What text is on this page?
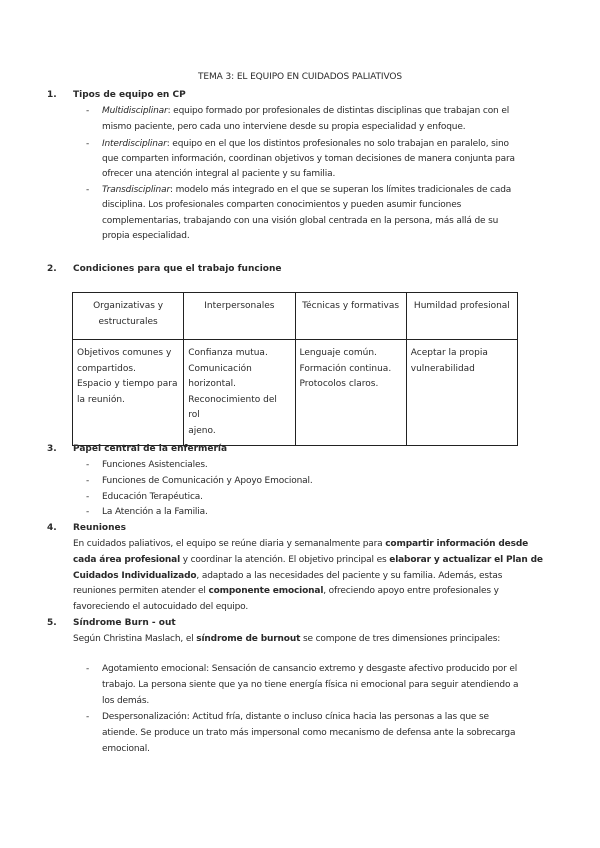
TEMA 3: EL EQUIPO EN CUIDADOS PALIATIVOS
1. Tipos de equipo en CP
- Multidisciplinar: equipo formado por profesionales de distintas disciplinas que trabajan con el
mismo paciente, pero cada uno interviene desde su propia especialidad y enfoque.
- Interdisciplinar: equipo en el que los distintos profesionales no solo trabajan en paralelo, sino
que comparten información, coordinan objetivos y toman decisiones de manera conjunta para
ofrecer una atención integral al paciente y su familia.
- Transdisciplinar: modelo más integrado en el que se superan los límites tradicionales de cada
disciplina. Los profesionales comparten conocimientos y pueden asumir funciones
complementarias, trabajando con una visión global centrada en la persona, más allá de su
propia especialidad.
2. Condiciones para que el trabajo funcione
Organizativas y
estructurales	Interpersonales	Técnicas y formativas	Humildad profesional

Objetivos comunes y
compartidos.
Espacio y tiempo para
la reunión.	Confianza mutua.
Comunicación
horizontal.
Reconocimiento del rol
ajeno.	Lenguaje común.
Formación continua.
Protocolos claros.	Aceptar la propia
vulnerabilidad
3. Papel central de la enfermería
- Funciones Asistenciales.
- Funciones de Comunicación y Apoyo Emocional.
- Educación Terapéutica.
- La Atención a la Familia.
4. Reuniones
En cuidados paliativos, el equipo se reúne diaria y semanalmente para compartir información desde
cada área profesional y coordinar la atención. El objetivo principal es elaborar y actualizar el Plan de
Cuidados Individualizado, adaptado a las necesidades del paciente y su familia. Además, estas
reuniones permiten atender el componente emocional, ofreciendo apoyo entre profesionales y
favoreciendo el autocuidado del equipo.
5. Síndrome Burn - out
Según Christina Maslach, el síndrome de burnout se compone de tres dimensiones principales:
- Agotamiento emocional: Sensación de cansancio extremo y desgaste afectivo producido por el
trabajo. La persona siente que ya no tiene energía física ni emocional para seguir atendiendo a
los demás.
- Despersonalización: Actitud fría, distante o incluso cínica hacia las personas a las que se
atiende. Se produce un trato más impersonal como mecanismo de defensa ante la sobrecarga
emocional.
